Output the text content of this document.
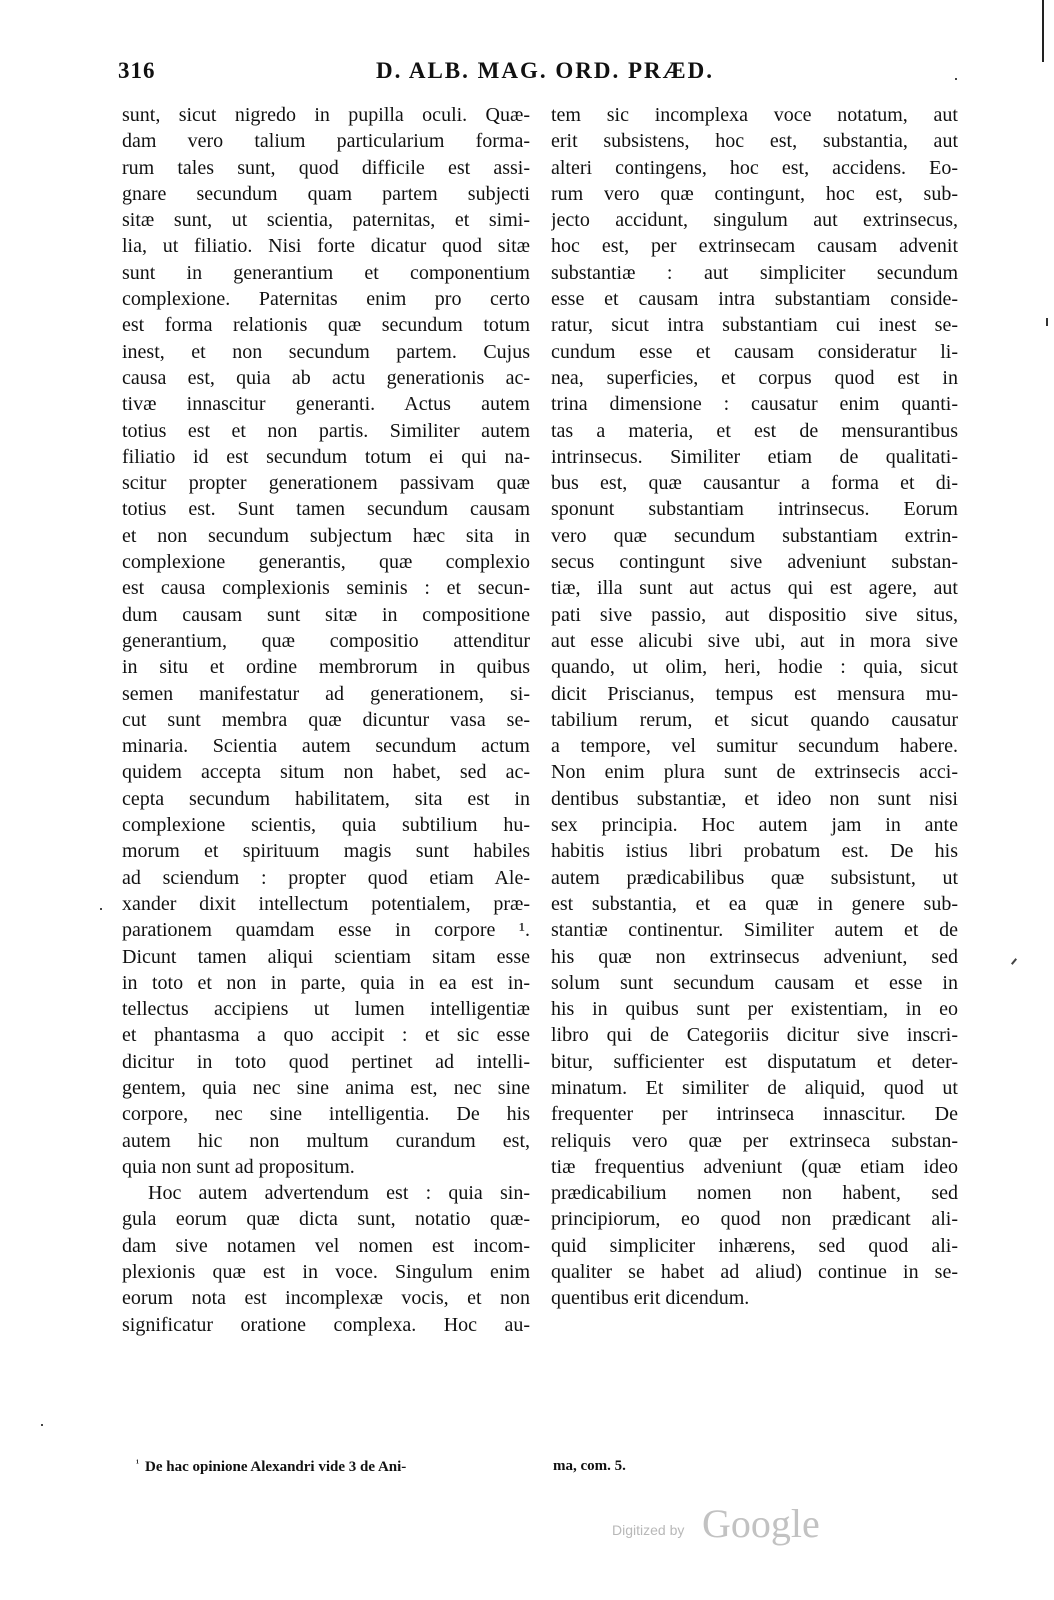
316	D. ALB. MAG. ORD. PRÆD.
sunt, sicut nigredo in pupilla oculi. Quæ-
dam vero talium particularium forma-
rum tales sunt, quod difficile est assi-
gnare secundum quam partem subjecti
sitæ sunt, ut scientia, paternitas, et simi-
lia, ut filiatio. Nisi forte dicatur quod sitæ
sunt in generantium et componentium
complexione. Paternitas enim pro certo
est forma relationis quæ secundum totum
inest, et non secundum partem. Cujus
causa est, quia ab actu generationis ac-
tivæ innascitur generanti. Actus autem
totius est et non partis. Similiter autem
filiatio id est secundum totum ei qui na-
scitur propter generationem passivam quæ
totius est. Sunt tamen secundum causam
et non secundum subjectum hæc sita in
complexione generantis, quæ complexio
est causa complexionis seminis : et secun-
dum causam sunt sitæ in compositione
generantium, quæ compositio attenditur
in situ et ordine membrorum in quibus
semen manifestatur ad generationem, si-
cut sunt membra quæ dicuntur vasa se-
minaria. Scientia autem secundum actum
quidem accepta situm non habet, sed ac-
cepta secundum habilitatem, sita est in
complexione scientis, quia subtilium hu-
morum et spirituum magis sunt habiles
ad sciendum : propter quod etiam Ale-
xander dixit intellectum potentialem, præ-
parationem quamdam esse in corpore ¹.
Dicunt tamen aliqui scientiam sitam esse
in toto et non in parte, quia in ea est in-
tellectus accipiens ut lumen intelligentiæ
et phantasma a quo accipit : et sic esse
dicitur in toto quod pertinet ad intelli-
gentem, quia nec sine anima est, nec sine
corpore, nec sine intelligentia. De his
autem hic non multum curandum est,
quia non sunt ad propositum.
Hoc autem advertendum est : quia sin-
gula eorum quæ dicta sunt, notatio quæ-
dam sive notamen vel nomen est incom-
plexionis quæ est in voce. Singulum enim
eorum nota est incomplexæ vocis, et non
significatur oratione complexa. Hoc au-
tem sic incomplexa voce notatum, aut
erit subsistens, hoc est, substantia, aut
alteri contingens, hoc est, accidens. Eo-
rum vero quæ contingunt, hoc est, sub-
jecto accidunt, singulum aut extrinsecus,
hoc est, per extrinsecam causam advenit
substantiæ : aut simpliciter secundum
esse et causam intra substantiam conside-
ratur, sicut intra substantiam cui inest se-
cundum esse et causam consideratur li-
nea, superficies, et corpus quod est in
trina dimensione : causatur enim quanti-
tas a materia, et est de mensurantibus
intrinsecus. Similiter etiam de qualitati-
bus est, quæ causantur a forma et di-
sponunt substantiam intrinsecus. Eorum
vero quæ secundum substantiam extrin-
secus contingunt sive adveniunt substan-
tiæ, illa sunt aut actus qui est agere, aut
pati sive passio, aut dispositio sive situs,
aut esse alicubi sive ubi, aut in mora sive
quando, ut olim, heri, hodie : quia, sicut
dicit Priscianus, tempus est mensura mu-
tabilium rerum, et sicut quando causatur
a tempore, vel sumitur secundum habere.
Non enim plura sunt de extrinsecis acci-
dentibus substantiæ, et ideo non sunt nisi
sex principia. Hoc autem jam in ante
habitis istius libri probatum est. De his
autem prædicabilibus quæ subsistunt, ut
est substantia, et ea quæ in genere sub-
stantiæ continentur. Similiter autem et de
his quæ non extrinsecus adveniunt, sed
solum sunt secundum causam et esse in
his in quibus sunt per existentiam, in eo
libro qui de Categoriis dicitur sive inscri-
bitur, sufficienter est disputatum et deter-
minatum. Et similiter de aliquid, quod ut
frequenter per intrinseca innascitur. De
reliquis vero quæ per extrinseca substan-
tiæ frequentius adveniunt (quæ etiam ideo
prædicabilium nomen non habent, sed
principiorum, eo quod non prædicant ali-
quid simpliciter inhærens, sed quod ali-
qualiter se habet ad aliud) continue in se-
quentibus erit dicendum.
$^{^1}$ De hac opinione Alexandri vide 3 de Ani-	ma, com. 5.
Digitized by Google
